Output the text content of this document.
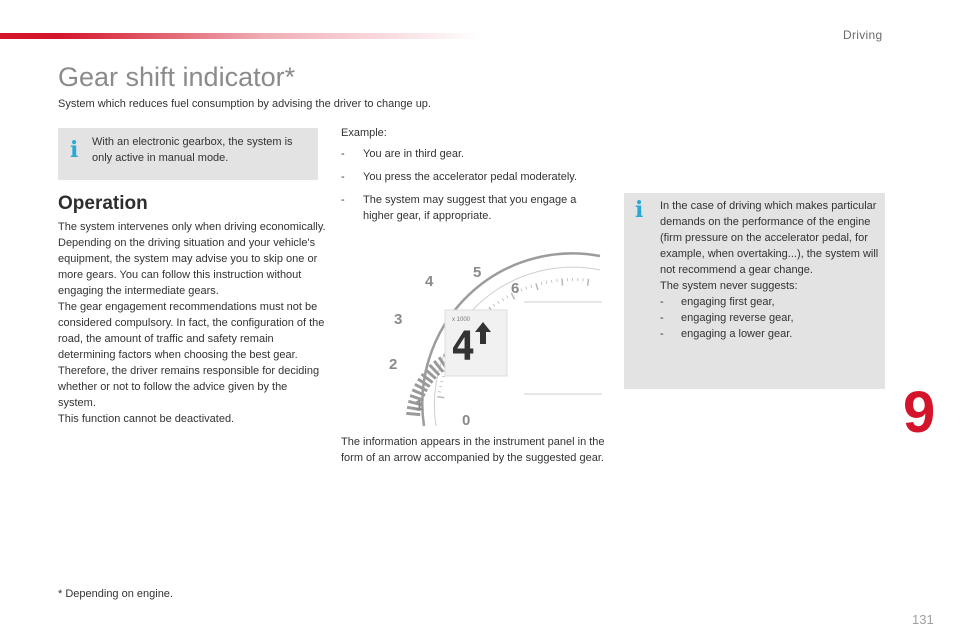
Driving
Gear shift indicator*
System which reduces fuel consumption by advising the driver to change up.
i With an electronic gearbox, the system is only active in manual mode.
Operation

The system intervenes only when driving economically.

Depending on the driving situation and your vehicle's equipment, the system may advise you to skip one or more gears. You can follow this instruction without engaging the intermediate gears.

The gear engagement recommendations must not be considered compulsory. In fact, the configuration of the road, the amount of traffic and safety remain determining factors when choosing the best gear. Therefore, the driver remains responsible for deciding whether or not to follow the advice given by the system.

This function cannot be deactivated.

Example:
- You are in third gear.
- You press the accelerator pedal moderately.
- The system may suggest that you engage a higher gear, if appropriate.
0
1
2
3
4
5
6
x 1000
4
The information appears in the instrument panel in the form of an arrow accompanied by the suggested gear.
i In the case of driving which makes particular demands on the performance of the engine (firm pressure on the accelerator pedal, for example, when overtaking...), the system will not recommend a gear change.

The system never suggests:

- engaging first gear,
- engaging reverse gear,
- engaging a lower gear.
* Depending on engine.
9
131
